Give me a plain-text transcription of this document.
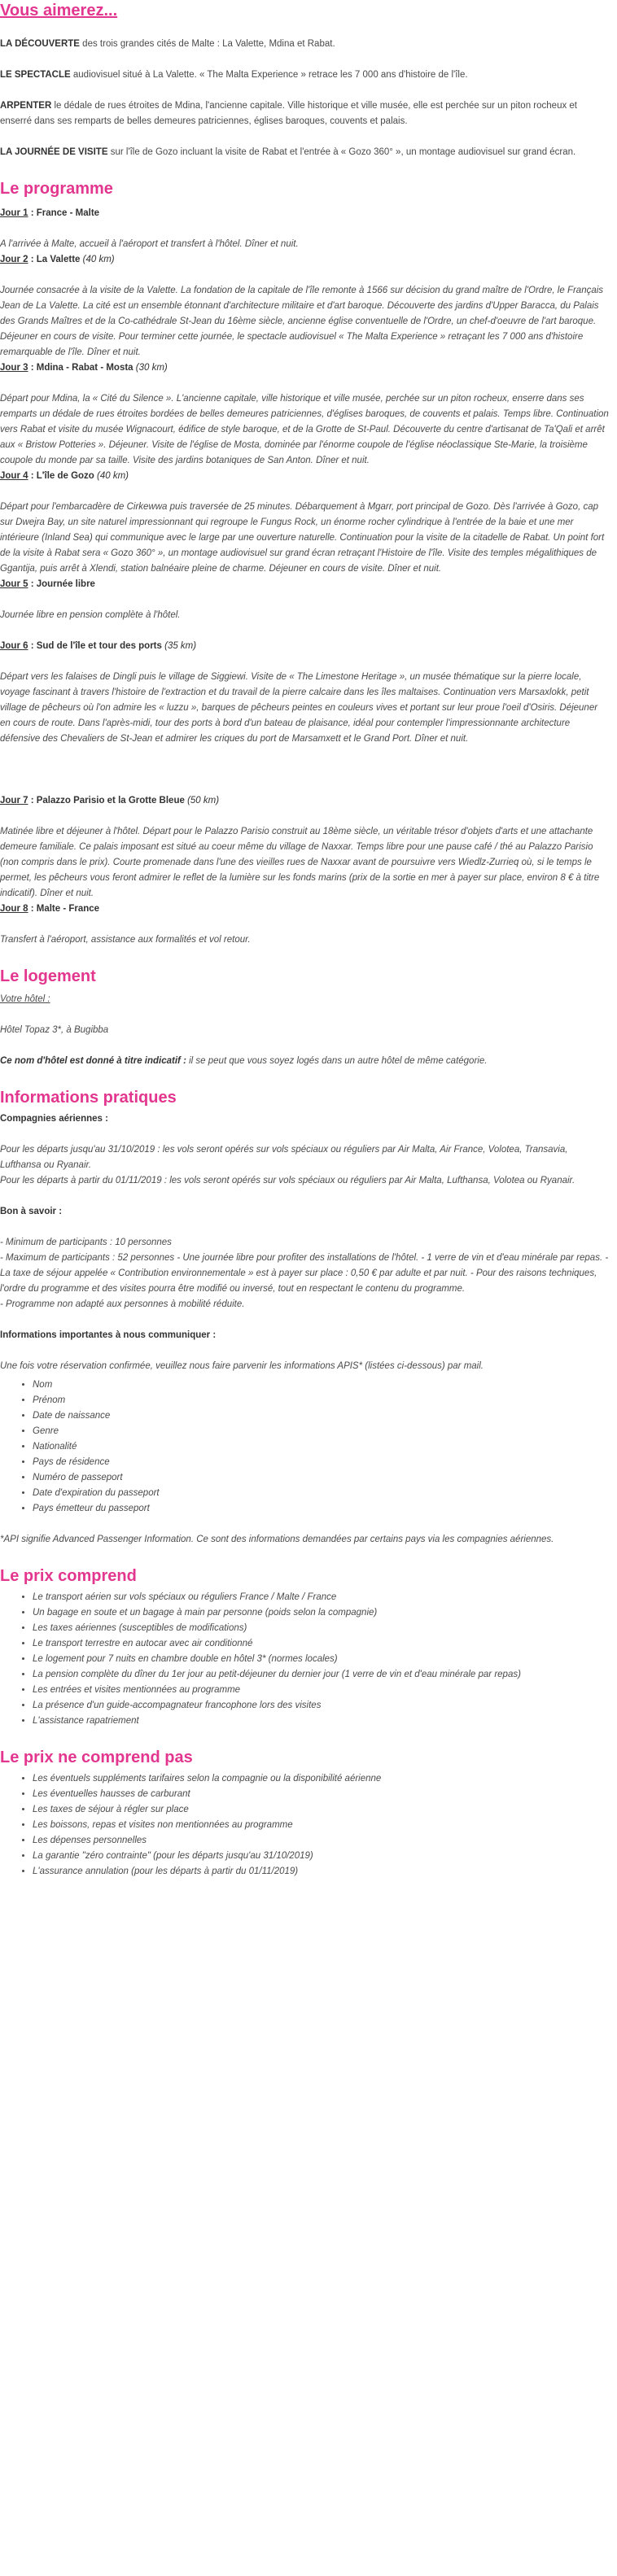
Vous aimerez...

LA DÉCOUVERTE des trois grandes cités de Malte : La Valette, Mdina et Rabat.

LE SPECTACLE audiovisuel situé à La Valette. « The Malta Experience » retrace les 7 000 ans d'histoire de l'île.

ARPENTER le dédale de rues étroites de Mdina, l'ancienne capitale. Ville historique et ville musée, elle est perchée sur un piton rocheux et enserré dans ses remparts de belles demeures patriciennes, églises baroques, couvents et palais.

LA JOURNÉE DE VISITE sur l'île de Gozo incluant la visite de Rabat et l'entrée à « Gozo 360° », un montage audiovisuel sur grand écran.

Le programme

Jour 1 : France - Malte

A l'arrivée à Malte, accueil à l'aéroport et transfert à l'hôtel. Dîner et nuit.

Jour 2 : La Valette (40 km)

Journée consacrée à la visite de la Valette. La fondation de la capitale de l'île remonte à 1566 sur décision du grand maître de l'Ordre, le Français Jean de La Valette. La cité est un ensemble étonnant d'architecture militaire et d'art baroque. Découverte des jardins d'Upper Baracca, du Palais des Grands Maîtres et de la Co-cathédrale St-Jean du 16ème siècle, ancienne église conventuelle de l'Ordre, un chef-d'oeuvre de l'art baroque. Déjeuner en cours de visite. Pour terminer cette journée, le spectacle audiovisuel « The Malta Experience » retraçant les 7 000 ans d'histoire remarquable de l'île. Dîner et nuit.

Jour 3 : Mdina - Rabat - Mosta (30 km)

Départ pour Mdina, la « Cité du Silence ». L'ancienne capitale, ville historique et ville musée, perchée sur un piton rocheux, enserre dans ses remparts un dédale de rues étroites bordées de belles demeures patriciennes, d'églises baroques, de couvents et palais. Temps libre. Continuation vers Rabat et visite du musée Wignacourt, édifice de style baroque, et de la Grotte de St-Paul. Découverte du centre d'artisanat de Ta'Qali et arrêt aux « Bristow Potteries ». Déjeuner. Visite de l'église de Mosta, dominée par l'énorme coupole de l'église néoclassique Ste-Marie, la troisième coupole du monde par sa taille. Visite des jardins botaniques de San Anton. Dîner et nuit.

Jour 4 : L'île de Gozo (40 km)

Départ pour l'embarcadère de Cirkewwa puis traversée de 25 minutes. Débarquement à Mgarr, port principal de Gozo. Dès l'arrivée à Gozo, cap sur Dwejra Bay, un site naturel impressionnant qui regroupe le Fungus Rock, un énorme rocher cylindrique à l'entrée de la baie et une mer intérieure (Inland Sea) qui communique avec le large par une ouverture naturelle. Continuation pour la visite de la citadelle de Rabat. Un point fort de la visite à Rabat sera « Gozo 360° », un montage audiovisuel sur grand écran retraçant l'Histoire de l'île. Visite des temples mégalithiques de Ggantija, puis arrêt à Xlendi, station balnéaire pleine de charme. Déjeuner en cours de visite. Dîner et nuit.

Jour 5 : Journée libre

Journée libre en pension complète à l'hôtel.

Jour 6 : Sud de l'île et tour des ports (35 km)

Départ vers les falaises de Dingli puis le village de Siggiewi. Visite de « The Limestone Heritage », un musée thématique sur la pierre locale, voyage fascinant à travers l'histoire de l'extraction et du travail de la pierre calcaire dans les îles maltaises. Continuation vers Marsaxlokk, petit village de pêcheurs où l'on admire les « luzzu », barques de pêcheurs peintes en couleurs vives et portant sur leur proue l'oeil d'Osiris. Déjeuner en cours de route. Dans l'après-midi, tour des ports à bord d'un bateau de plaisance, idéal pour contempler l'impressionnante architecture défensive des Chevaliers de St-Jean et admirer les criques du port de Marsamxett et le Grand Port. Dîner et nuit.

Jour 7 : Palazzo Parisio et la Grotte Bleue (50 km)

Matinée libre et déjeuner à l'hôtel. Départ pour le Palazzo Parisio construit au 18ème siècle, un véritable trésor d'objets d'arts et une attachante demeure familiale. Ce palais imposant est situé au coeur même du village de Naxxar. Temps libre pour une pause café / thé au Palazzo Parisio (non compris dans le prix). Courte promenade dans l'une des vieilles rues de Naxxar avant de poursuivre vers Wiedlz-Zurrieq où, si le temps le permet, les pêcheurs vous feront admirer le reflet de la lumière sur les fonds marins (prix de la sortie en mer à payer sur place, environ 8 € à titre indicatif). Dîner et nuit.

Jour 8 : Malte - France

Transfert à l'aéroport, assistance aux formalités et vol retour.

Le logement

Votre hôtel :

Hôtel Topaz 3*, à Bugibba

Ce nom d'hôtel est donné à titre indicatif : il se peut que vous soyez logés dans un autre hôtel de même catégorie.

Informations pratiques

Compagnies aériennes :

Pour les départs jusqu'au 31/10/2019 : les vols seront opérés sur vols spéciaux ou réguliers par Air Malta, Air France, Volotea, Transavia, Lufthansa ou Ryanair.

Pour les départs à partir du 01/11/2019 : les vols seront opérés sur vols spéciaux ou réguliers par Air Malta, Lufthansa, Volotea ou Ryanair.

Bon à savoir :

- Minimum de participants : 10 personnes

- Maximum de participants : 52 personnes - Une journée libre pour profiter des installations de l'hôtel. - 1 verre de vin et d'eau minérale par repas. - La taxe de séjour appelée « Contribution environnementale » est à payer sur place : 0,50 € par adulte et par nuit. - Pour des raisons techniques, l'ordre du programme et des visites pourra être modifié ou inversé, tout en respectant le contenu du programme.

- Programme non adapté aux personnes à mobilité réduite.

Informations importantes à nous communiquer :

Une fois votre réservation confirmée, veuillez nous faire parvenir les informations APIS* (listées ci-dessous) par mail.

• Nom
• Prénom
• Date de naissance
• Genre
• Nationalité
• Pays de résidence
• Numéro de passeport
• Date d'expiration du passeport
• Pays émetteur du passeport

*API signifie Advanced Passenger Information. Ce sont des informations demandées par certains pays via les compagnies aériennes.

Le prix comprend
• Le transport aérien sur vols spéciaux ou réguliers France / Malte / France
• Un bagage en soute et un bagage à main par personne (poids selon la compagnie)
• Les taxes aériennes (susceptibles de modifications)
• Le transport terrestre en autocar avec air conditionné
• Le logement pour 7 nuits en chambre double en hôtel 3* (normes locales)
• La pension complète du dîner du 1er jour au petit-déjeuner du dernier jour (1 verre de vin et d'eau minérale par repas)
• Les entrées et visites mentionnées au programme
• La présence d'un guide-accompagnateur francophone lors des visites
• L'assistance rapatriement
Le prix ne comprend pas
• Les éventuels suppléments tarifaires selon la compagnie ou la disponibilité aérienne
• Les éventuelles hausses de carburant
• Les taxes de séjour à régler sur place
• Les boissons, repas et visites non mentionnées au programme
• Les dépenses personnelles
• La garantie "zéro contrainte" (pour les départs jusqu'au 31/10/2019)
• L'assurance annulation (pour les départs à partir du 01/11/2019)
